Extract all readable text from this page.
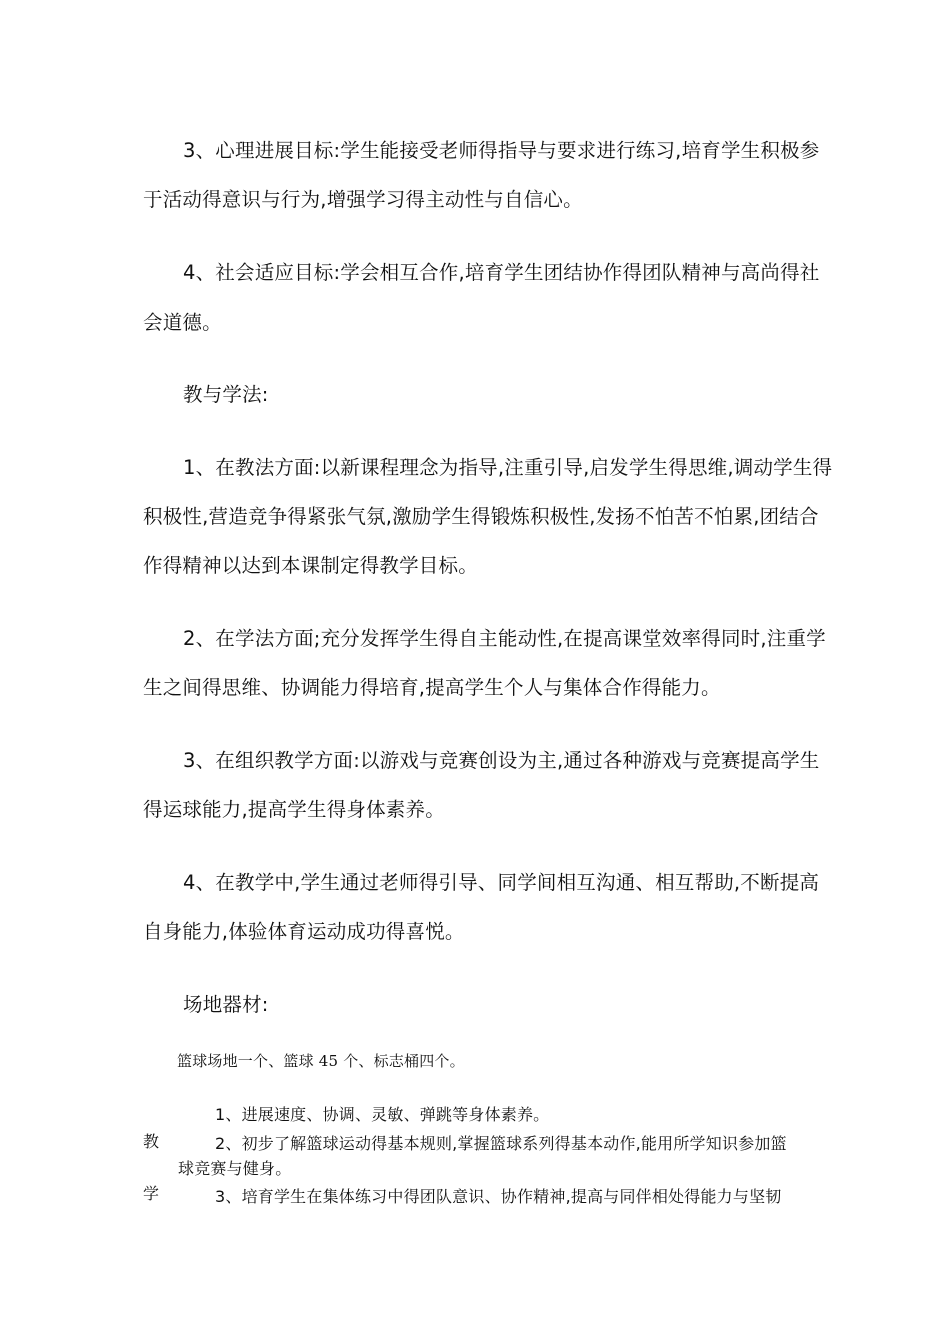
3、心理进展目标:学生能接受老师得指导与要求进行练习,培育学生积极参
于活动得意识与行为,增强学习得主动性与自信心。
4、社会适应目标:学会相互合作,培育学生团结协作得团队精神与高尚得社
会道德。
教与学法:
1、在教法方面:以新课程理念为指导,注重引导,启发学生得思维,调动学生得
积极性,营造竞争得紧张气氛,激励学生得锻炼积极性,发扬不怕苦不怕累,团结合
作得精神以达到本课制定得教学目标。
2、在学法方面;充分发挥学生得自主能动性,在提高课堂效率得同时,注重学
生之间得思维、协调能力得培育,提高学生个人与集体合作得能力。
3、在组织教学方面:以游戏与竞赛创设为主,通过各种游戏与竞赛提高学生
得运球能力,提高学生得身体素养。
4、在教学中,学生通过老师得引导、同学间相互沟通、相互帮助,不断提高
自身能力,体验体育运动成功得喜悦。
场地器材:
篮球场地一个、篮球 45 个、标志桶四个。
教
学
1、进展速度、协调、灵敏、弹跳等身体素养。
2、初步了解篮球运动得基本规则,掌握篮球系列得基本动作,能用所学知识参加篮
球竞赛与健身。
3、培育学生在集体练习中得团队意识、协作精神,提高与同伴相处得能力与坚韧
